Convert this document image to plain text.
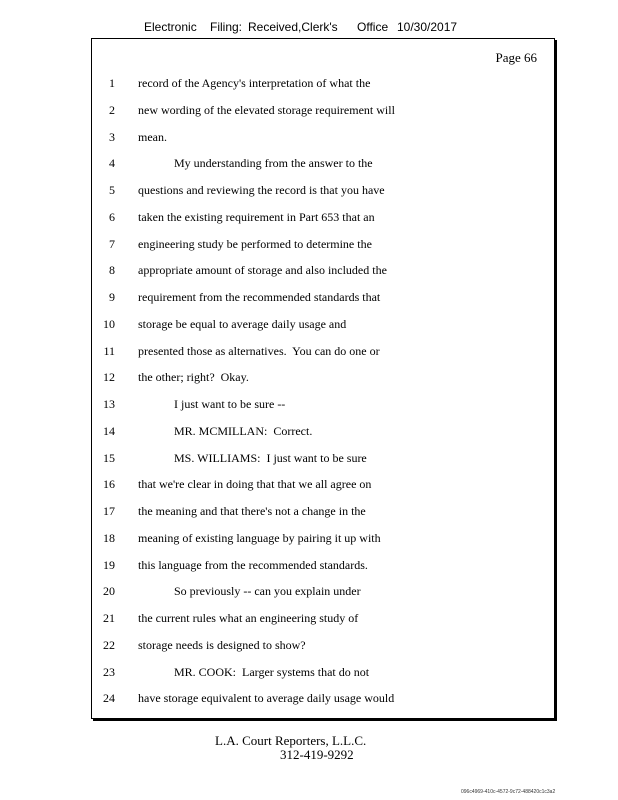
Electronic Filing: Received,Clerk's Office 10/30/2017
Page 66
1 record of the Agency's interpretation of what the
2 new wording of the elevated storage requirement will
3 mean.
4 My understanding from the answer to the
5 questions and reviewing the record is that you have
6 taken the existing requirement in Part 653 that an
7 engineering study be performed to determine the
8 appropriate amount of storage and also included the
9 requirement from the recommended standards that
10 storage be equal to average daily usage and
11 presented those as alternatives.  You can do one or
12 the other; right?  Okay.
13 I just want to be sure --
14 MR. MCMILLAN:  Correct.
15 MS. WILLIAMS:  I just want to be sure
16 that we're clear in doing that that we all agree on
17 the meaning and that there's not a change in the
18 meaning of existing language by pairing it up with
19 this language from the recommended standards.
20 So previously -- can you explain under
21 the current rules what an engineering study of
22 storage needs is designed to show?
23 MR. COOK:  Larger systems that do not
24 have storage equivalent to average daily usage would
L.A. Court Reporters, L.L.C.
312-419-9292
096c4969-410c-4572-9c72-488420c1c3a2
